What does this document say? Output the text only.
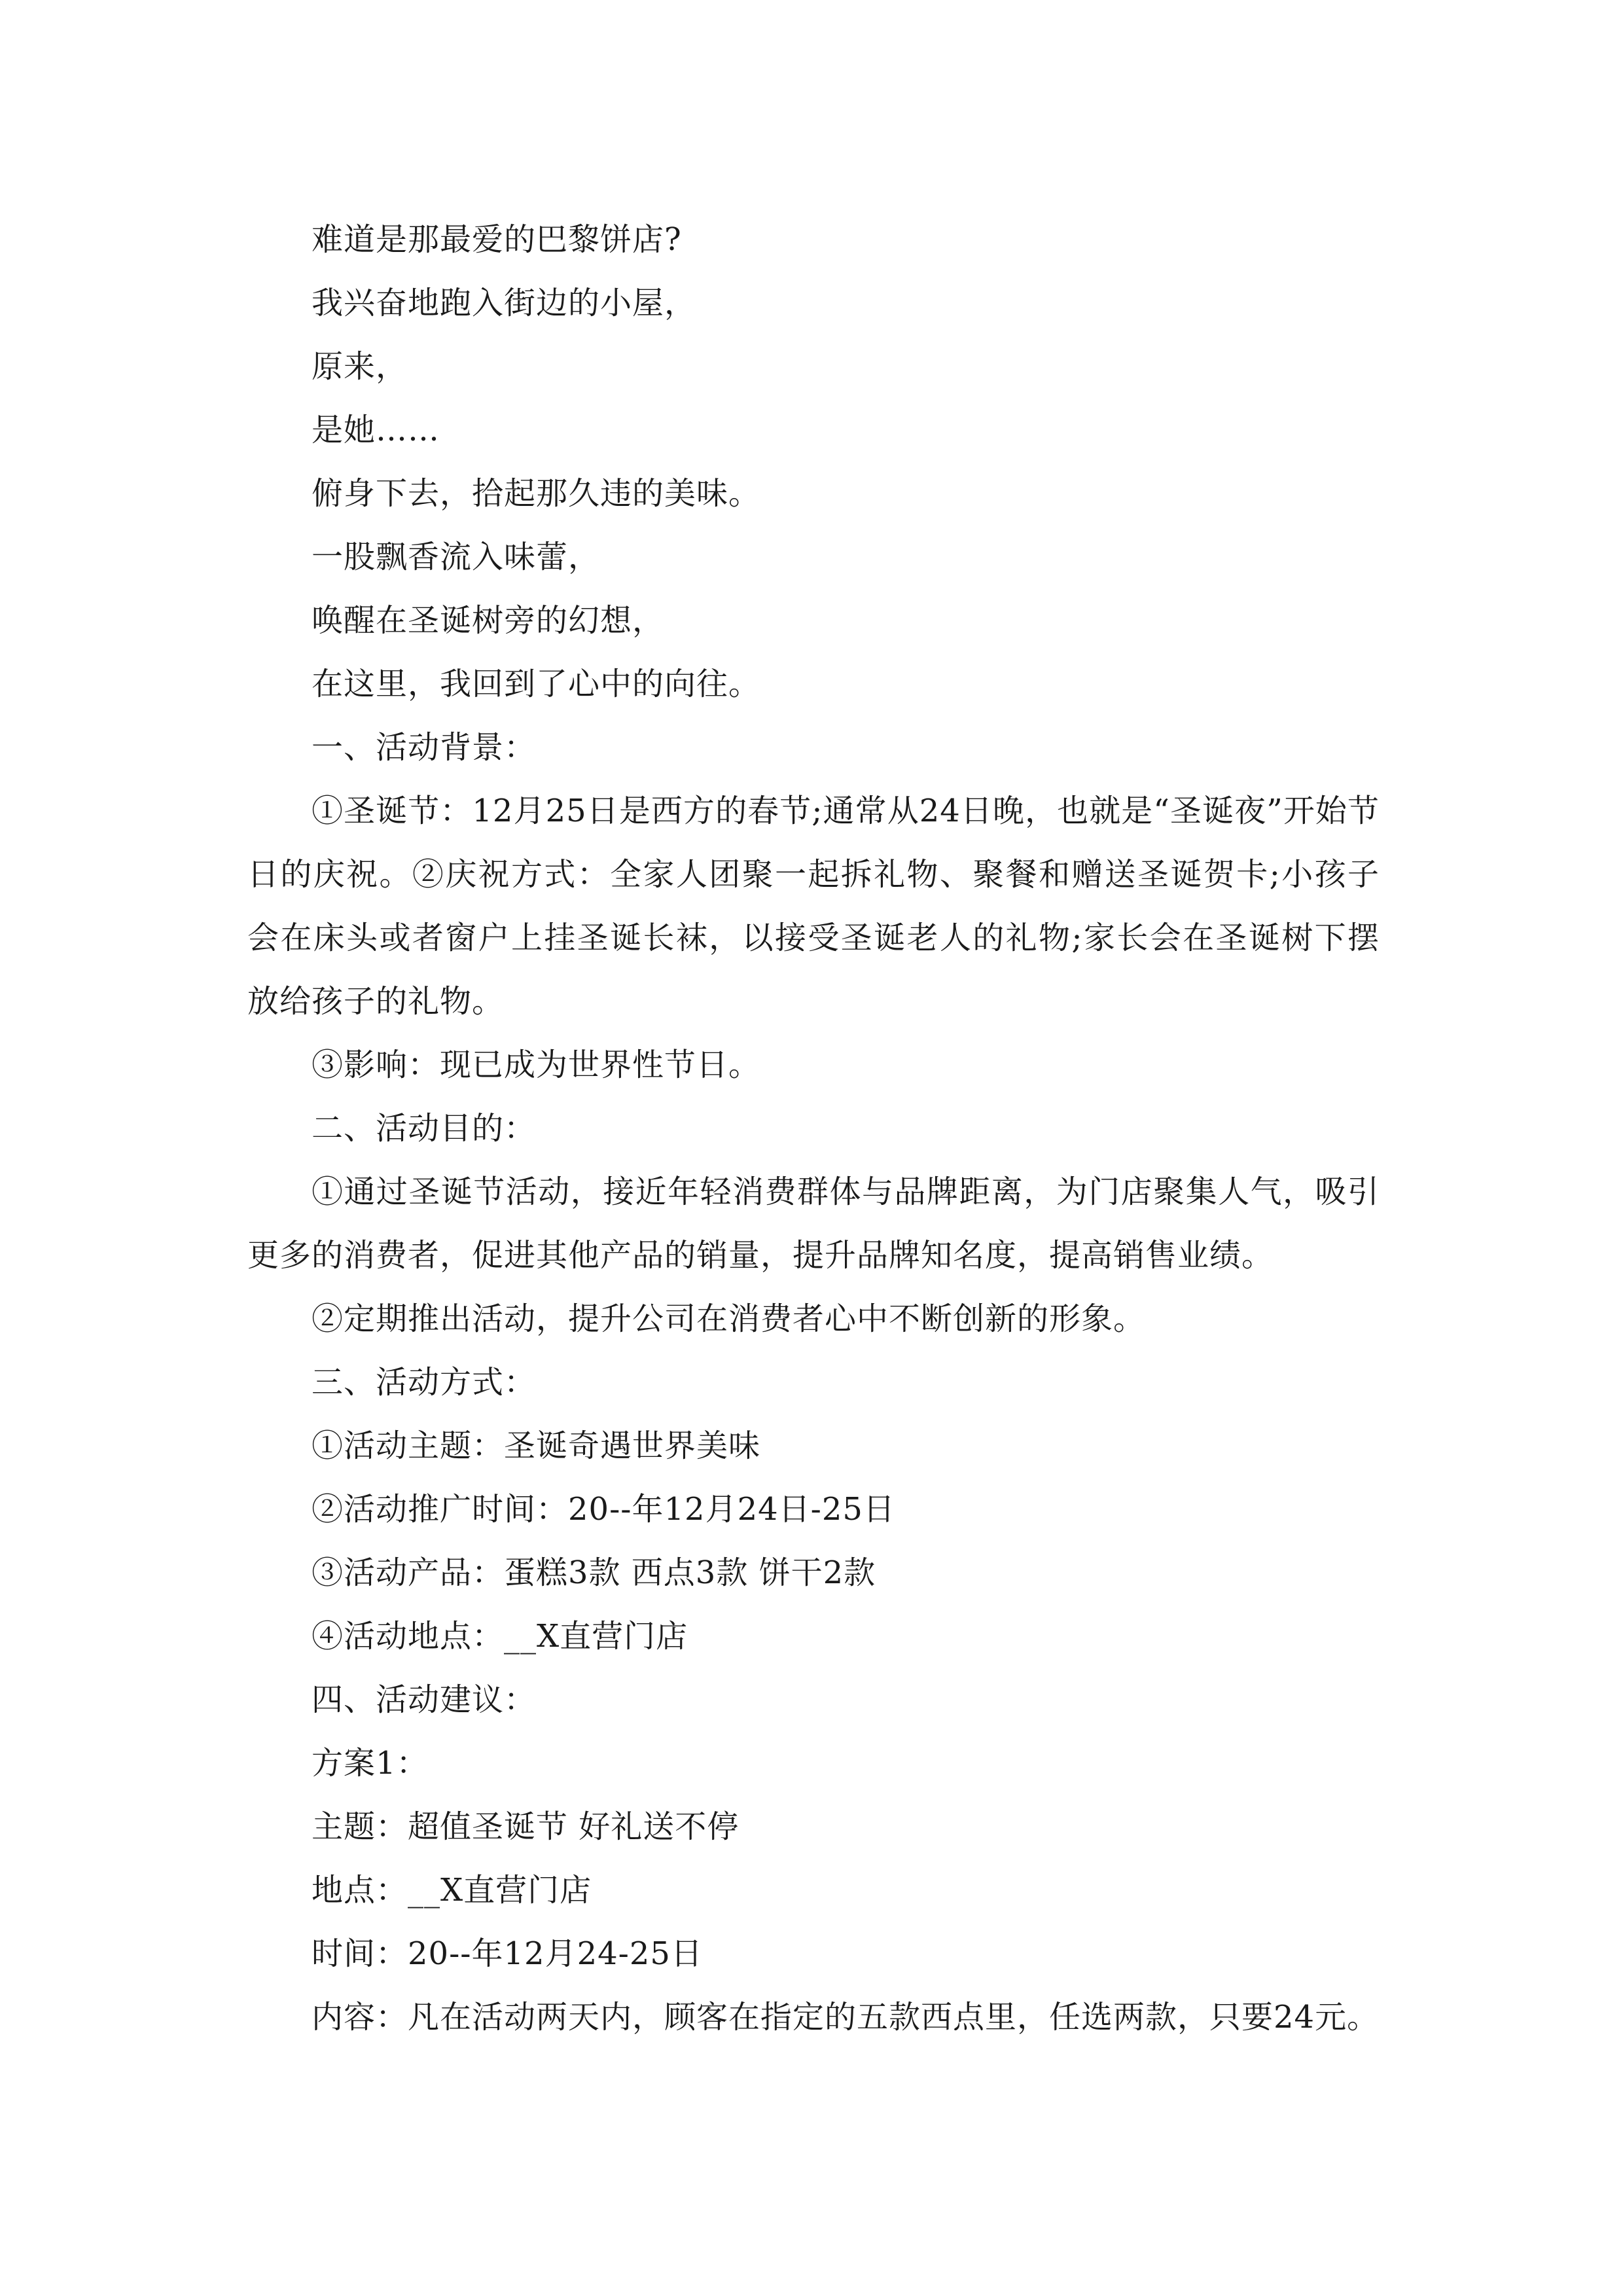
难道是那最爱的巴黎饼店?

我兴奋地跑入街边的小屋，

原来，

是她……

俯身下去，拾起那久违的美味。

一股飘香流入味蕾，

唤醒在圣诞树旁的幻想，

在这里，我回到了心中的向往。

一、活动背景：

①圣诞节：12月25日是西方的春节;通常从24日晚，也就是“圣诞夜”开始节日的庆祝。②庆祝方式：全家人团聚一起拆礼物、聚餐和赠送圣诞贺卡;小孩子会在床头或者窗户上挂圣诞长袜，以接受圣诞老人的礼物;家长会在圣诞树下摆放给孩子的礼物。

③影响：现已成为世界性节日。

二、活动目的：

①通过圣诞节活动，接近年轻消费群体与品牌距离，为门店聚集人气，吸引更多的消费者，促进其他产品的销量，提升品牌知名度，提高销售业绩。

②定期推出活动，提升公司在消费者心中不断创新的形象。

三、活动方式：

①活动主题：圣诞奇遇世界美味

②活动推广时间：20--年12月24日-25日

③活动产品：蛋糕3款 西点3款 饼干2款

④活动地点：__X直营门店

四、活动建议：

方案1：

主题：超值圣诞节 好礼送不停

地点：__X直营门店

时间：20--年12月24-25日

内容：凡在活动两天内，顾客在指定的五款西点里，任选两款，只要24元。
